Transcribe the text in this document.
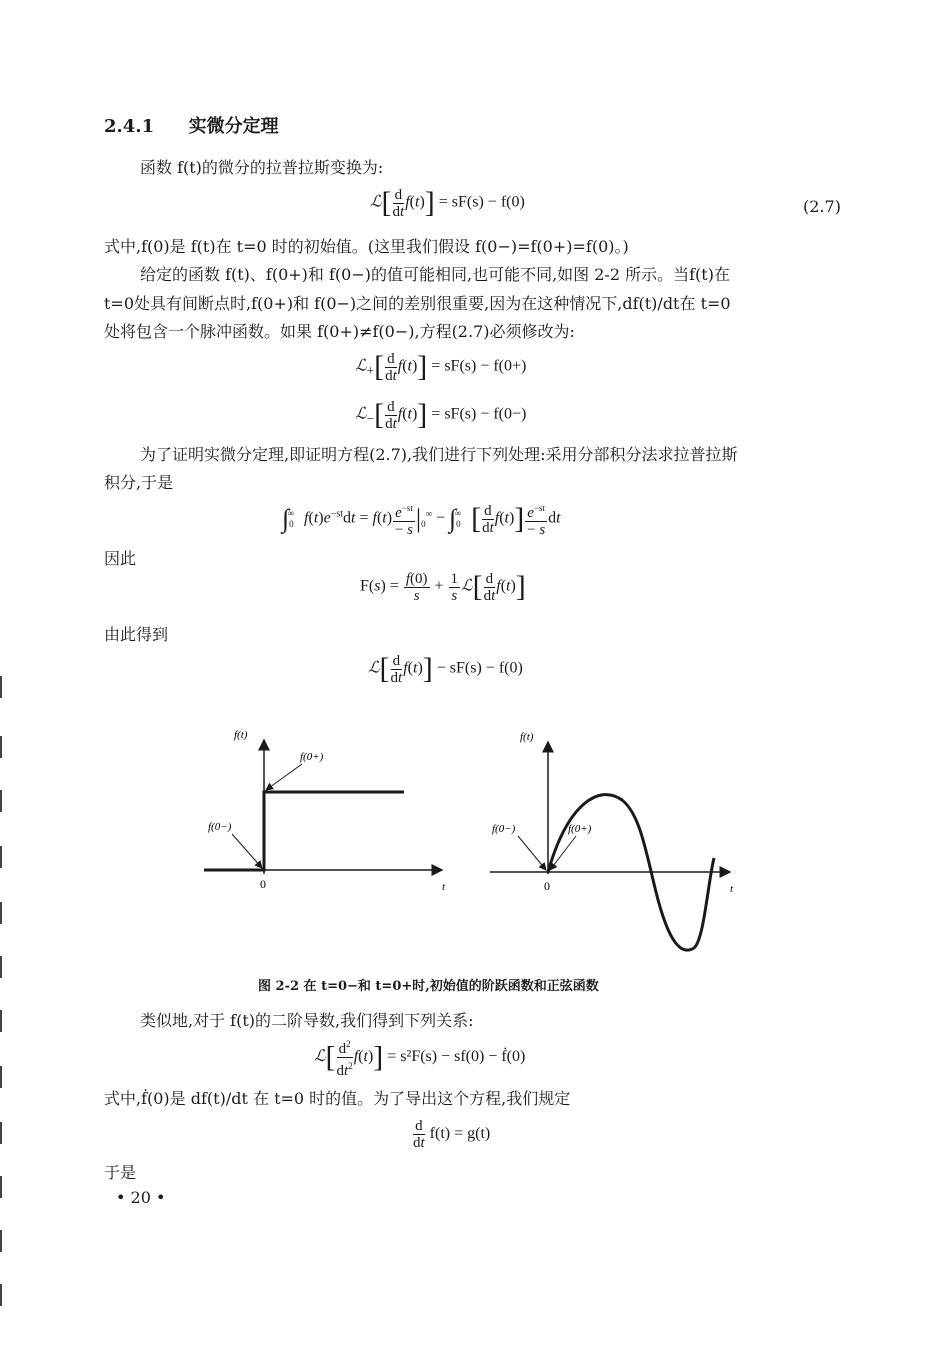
2.4.1 实微分定理
函数 f(t)的微分的拉普拉斯变换为:
ℒ[ $\frac{d}{dt} f(t)] = sF(s) - f(0)$	(2.7)
式中,f(0)是 f(t)在 t=0 时的初始值。(这里我们假设 f(0−)=f(0+)=f(0)。)
给定的函数 f(t)、f(0+)和 f(0−)的值可能相同,也可能不同,如图 2-2 所示。当f(t)在
t=0处具有间断点时,f(0+)和 f(0−)之间的差别很重要,因为在这种情况下,df(t)/dt在 t=0
处将包含一个脉冲函数。如果 f(0+)≠f(0−),方程(2.7)必须修改为:
ℒ$_+$[ $\frac{d}{dt} f(t)] = sF(s) - f(0+)$
ℒ$_-$[ $\frac{d}{dt} f(t)] = sF(s) - f(0-)$
为了证明实微分定理,即证明方程(2.7),我们进行下列处理:采用分部积分法求拉普拉斯
积分,于是
$\int_0^\infty$ $f(t)e^{-st}dt = f(t) \frac{e^{-st}}{- s} |_0^\infty - \int_0^\infty$ [ $\frac{d}{dt} f(t)] \frac{e^{-st}}{- s}$ dt
因此
$F(s) = \frac{f(0)}{s} + \frac{1}{s}$ ℒ[ $\frac{d}{dt} f(t)$]
由此得到
ℒ[ $\frac{d}{dt} f(t)] - sF(s) - f(0)$
f(t)
f(0+)
f(0−)
0	t
f(t)
f(0−)	f(0+)
0	t
图 2-2 在 t=0−和 t=0+时,初始值的阶跃函数和正弦函数
类似地,对于 f(t)的二阶导数,我们得到下列关系:
ℒ[ $\frac{d^2}{dt^2} f(t)] = s^2F(s) - sf(0)$ − ḟ(0)
式中,ḟ(0)是 df(t)/dt 在 t=0 时的值。为了导出这个方程,我们规定
$\frac{d}{dt} f(t) = g(t)$
于是
• 20 •
